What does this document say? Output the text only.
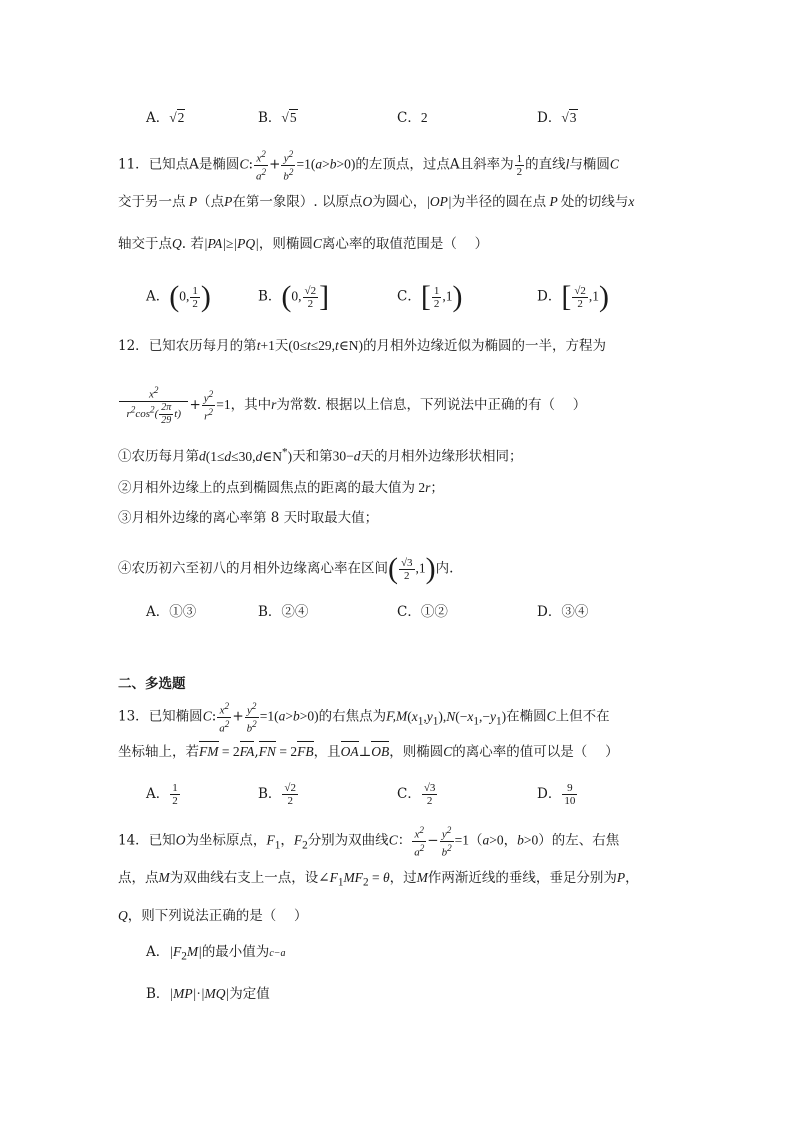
A．√2	B．√5	C．2	D．√3
11．已知点A是椭圆C: $\frac{x^2}{a^2} + \frac{y^2}{b^2} =1(a>b>0)$的左顶点，过点A且斜率为 $\frac{1}{2}$ 的直线l与椭圆C
交于另一点 P（点P在第一象限）. 以原点O为圆心，|OP|为半径的圆在点 P 处的切线与x
轴交于点Q. 若|PA|≥|PQ|，则椭圆C离心率的取值范围是（　 ）
A．(0, $\frac{1}{2}$ )	B．(0, $\frac{√2}{2}$ ]	C．[ $\frac{1}{2} ,1$)	D．[ $\frac{√2}{2} ,1$)
12．已知农历每月的第t+1天(0≤t≤29,t∈N)的月相外边缘近似为椭圆的一半，方程为
$\frac{x^2}{r^2\cos^2( \frac{2\pi}{29} t)} + \frac{y^2}{r^2} =1$，其中r为常数. 根据以上信息，下列说法中正确的有（　 ）
①农历每月第d(1≤d≤30,d∈N*)天和第30−d天的月相外边缘形状相同；
②月相外边缘上的点到椭圆焦点的距离的最大值为 2r；
③月相外边缘的离心率第 8 天时取最大值；
④农历初六至初八的月相外边缘离心率在区间( $\frac{√3}{2} ,1$)内.
A．①③	B．②④	C．①②	D．③④
二、多选题
13．已知椭圆C: $\frac{x^2}{a^2} + \frac{y^2}{b^2} =1(a>b>0)$的右焦点为$F,M(x_1,y_1),N(-x_1,-y_1)$在椭圆C上但不在
坐标轴上，若FM = 2FA,FN = 2FB，且OA⊥OB，则椭圆C的离心率的值可以是（　 ）
A． $\frac{1}{2}$	B． $\frac{√2}{2}$	C． $\frac{√3}{2}$	D． $\frac{9}{10}$
14．已知O为坐标原点，$F_1$，$F_2$分别为双曲线C： $\frac{x^2}{a^2} - \frac{y^2}{b^2} =1(a>0$，b>0）的左、右焦
点，点M为双曲线右支上一点，设$\angle F_1MF_2 = \theta$，过M作两渐近线的垂线，垂足分别为P，
Q，则下列说法正确的是（　 ）
A．$|F_2M|$的最小值为c−a
B．|MP|·|MQ|为定值
